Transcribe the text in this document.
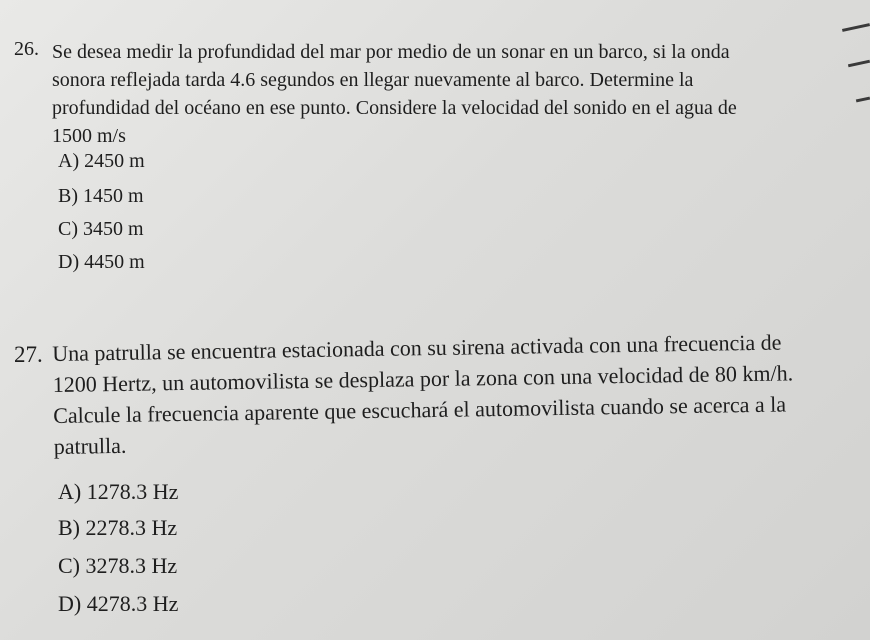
26. Se desea medir la profundidad del mar por medio de un sonar en un barco, si la onda sonora reflejada tarda 4.6 segundos en llegar nuevamente al barco. Determine la profundidad del océano en ese punto. Considere la velocidad del sonido en el agua de 1500 m/s
A) 2450 m
B) 1450 m
C) 3450 m
D) 4450 m
27. Una patrulla se encuentra estacionada con su sirena activada con una frecuencia de 1200 Hertz, un automovilista se desplaza por la zona con una velocidad de 80 km/h. Calcule la frecuencia aparente que escuchará el automovilista cuando se acerca a la patrulla.
A) 1278.3 Hz
B) 2278.3 Hz
C) 3278.3 Hz
D) 4278.3 Hz
